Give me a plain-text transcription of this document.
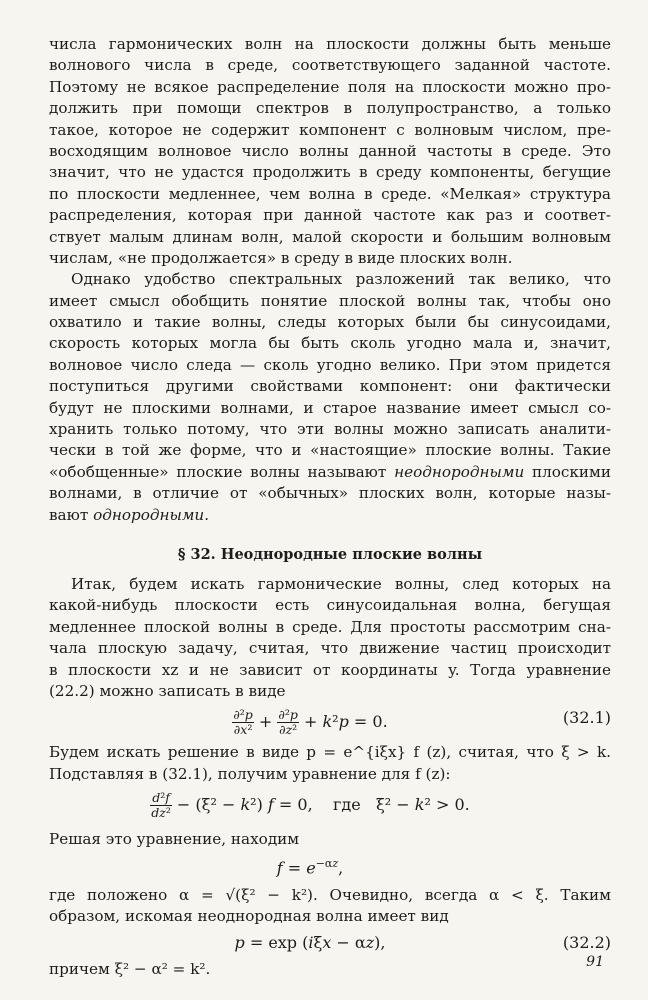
числа гармонических волн на плоскости должны быть меньше
волнового числа в среде, соответствующего заданной частоте.
Поэтому не всякое распределение поля на плоскости можно про-
должить при помощи спектров в полупространство, а только
такое, которое не содержит компонент с волновым числом, пре-
восходящим волновое число волны данной частоты в среде. Это
значит, что не удастся продолжить в среду компоненты, бегущие
по плоскости медленнее, чем волна в среде. «Мелкая» структура
распределения, которая при данной частоте как раз и соответ-
ствует малым длинам волн, малой скорости и большим волновым
числам, «не продолжается» в среду в виде плоских волн.
Однако удобство спектральных разложений так велико, что
имеет смысл обобщить понятие плоской волны так, чтобы оно
охватило и такие волны, следы которых были бы синусоидами,
скорость которых могла бы быть сколь угодно мала и, значит,
волновое число следа — сколь угодно велико. При этом придется
поступиться другими свойствами компонент: они фактически
будут не плоскими волнами, и старое название имеет смысл со-
хранить только потому, что эти волны можно записать аналити-
чески в той же форме, что и «настоящие» плоские волны. Такие
«обобщенные» плоские волны называют неоднородными плоскими
волнами, в отличие от «обычных» плоских волн, которые назы-
вают однородными.
§ 32. Неоднородные плоские волны
Итак, будем искать гармонические волны, след которых на
какой-нибудь плоскости есть синусоидальная волна, бегущая
медленнее плоской волны в среде. Для простоты рассмотрим сна-
чала плоскую задачу, считая, что движение частиц происходит
в плоскости xz и не зависит от координаты y. Тогда уравнение
(22.2) можно записать в виде
$\frac{\text{∂²p}}{\text{∂x²}} + \frac{\text{∂²p}}{\text{∂z²}} + k^2p = 0$.	(32.1)
Будем искать решение в виде p = e^{iξx} f (z), считая, что ξ > k.
Подставляя в (32.1), получим уравнение для f (z):
$\frac{\text{d²f}}{\text{dz²}} - (\xi^2 - k^2) f = 0$,    где   ξ² − k² > 0.
Решая это уравнение, находим
$f = e^{-\alpha z}$,
где положено α = √(ξ² − k²). Очевидно, всегда α < ξ. Таким
образом, искомая неоднородная волна имеет вид
p = exp (iξx − αz),	(32.2)
причем ξ² − α² = k².	91
